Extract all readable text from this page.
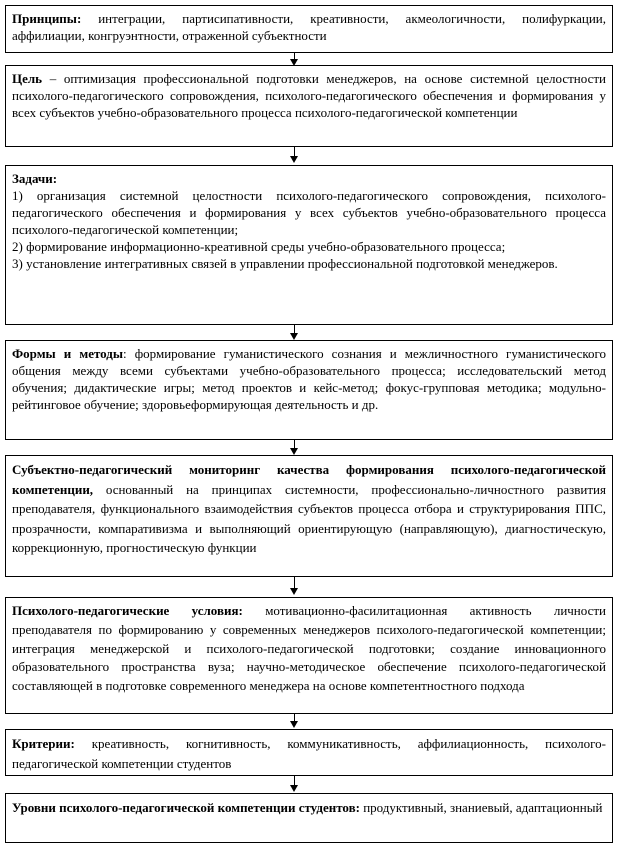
Принципы: интеграции, партисипативности, креативности, акмеологичности, полифуркации, аффилиации, конгруэнтности, отраженной субъектности

Цель – оптимизация профессиональной подготовки менеджеров, на основе системной целостности психолого-педагогического сопровождения, психолого-педагогического обеспечения и формирования у всех субъектов учебно-образовательного процесса психолого-педагогической компетенции

Задачи:

1) организация системной целостности психолого-педагогического сопровождения, психолого-педагогического обеспечения и формирования у всех субъектов учебно-образовательного процесса психолого-педагогической компетенции;

2) формирование информационно-креативной среды учебно-образовательного процесса;

3) установление интегративных связей в управлении профессиональной подготовкой менеджеров.

Формы и методы: формирование гуманистического сознания и межличностного гуманистического общения между всеми субъектами учебно-образовательного процесса; исследовательский метод обучения; дидактические игры; метод проектов и кейс-метод; фокус-групповая методика; модульно-рейтинговое обучение; здоровьеформирующая деятельность и др.

Субъектно-педагогический мониторинг качества формирования психолого-педагогической компетенции, основанный на принципах системности, профессионально-личностного развития преподавателя, функционального взаимодействия субъектов процесса отбора и структурирования ППС, прозрачности, компаративизма и выполняющий ориентирующую (направляющую), диагностическую, коррекционную, прогностическую функции

Психолого-педагогические условия: мотивационно-фасилитационная активность личности преподавателя по формированию у современных менеджеров психолого-педагогической компетенции; интеграция менеджерской и психолого-педагогической подготовки; создание инновационного образовательного пространства вуза; научно-методическое обеспечение психолого-педагогической составляющей в подготовке современного менеджера на основе компетентностного подхода

Критерии: креативность, когнитивность, коммуникативность, аффилиационность, психолого-педагогической компетенции студентов

Уровни психолого-педагогической компетенции студентов: продуктивный, знаниевый, адаптационный
